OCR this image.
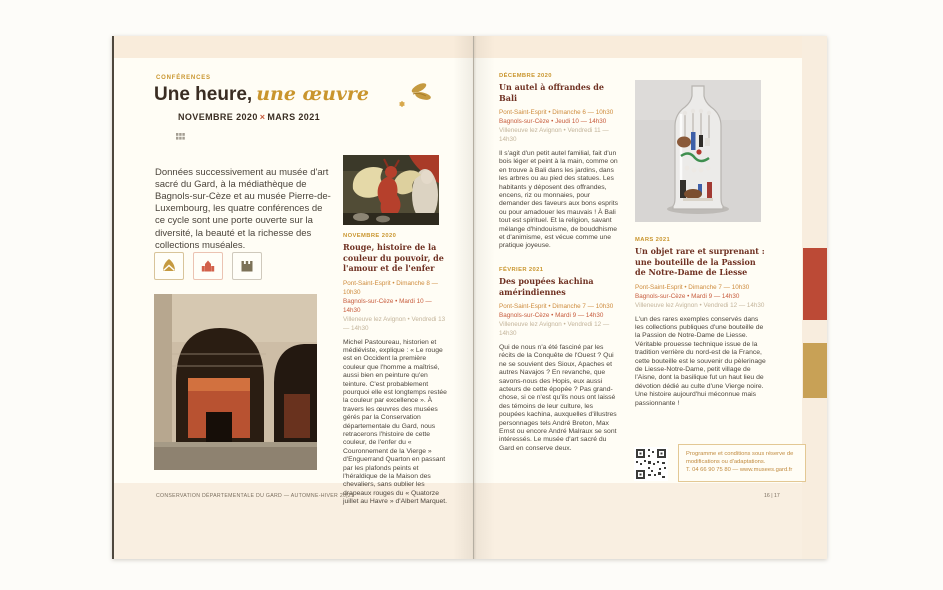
CONFÉRENCES
Une heure, une œuvre
NOVEMBRE 2020 × MARS 2021

Données successivement au musée d'art sacré du Gard, à la médiathèque de Bagnols-sur-Cèze et au musée Pierre-de-Luxembourg, les quatre conférences de ce cycle sont une porte ouverte sur la diversité, la beauté et la richesse des collections muséales.

NOVEMBRE 2020
Rouge, histoire de la couleur du pouvoir, de l'amour et de l'enfer
Pont-Saint-Esprit • Dimanche 8 — 10h30
Bagnols-sur-Cèze • Mardi 10 — 14h30
Villeneuve lez Avignon • Vendredi 13 — 14h30

Michel Pastoureau, historien et médiéviste, explique : « Le rouge est en Occident la première couleur que l'homme a maîtrisé, aussi bien en peinture qu'en teinture. C'est probablement pourquoi elle est longtemps restée la couleur par excellence ». À travers les œuvres des musées gérés par la Conservation départementale du Gard, nous retracerons l'histoire de cette couleur, de l'enfer du « Couronnement de la Vierge » d'Enguerrand Quarton en passant par les plafonds peints et l'héraldique de la Maison des chevaliers, sans oublier les drapeaux rouges du « Quatorze juillet au Havre » d'Albert Marquet.

DÉCEMBRE 2020
Un autel à offrandes de Bali
Pont-Saint-Esprit • Dimanche 6 — 10h30
Bagnols-sur-Cèze • Jeudi 10 — 14h30
Villeneuve lez Avignon • Vendredi 11 — 14h30

Il s'agit d'un petit autel familial, fait d'un bois léger et peint à la main, comme on en trouve à Bali dans les jardins, dans les arbres ou au pied des statues. Les habitants y déposent des offrandes, encens, riz ou monnaies, pour demander des faveurs aux bons esprits ou pour amadouer les mauvais ! À Bali tout est spirituel. Et la religion, savant mélange d'hindouisme, de bouddhisme et d'animisme, est vécue comme une pratique joyeuse.

FÉVRIER 2021
Des poupées kachina amérindiennes
Pont-Saint-Esprit • Dimanche 7 — 10h30
Bagnols-sur-Cèze • Mardi 9 — 14h30
Villeneuve lez Avignon • Vendredi 12 — 14h30

Qui de nous n'a été fasciné par les récits de la Conquête de l'Ouest ? Qui ne se souvient des Sioux, Apaches et autres Navajos ? En revanche, que savons-nous des Hopis, eux aussi acteurs de cette épopée ? Pas grand-chose, si ce n'est qu'ils nous ont laissé des témoins de leur culture, les poupées kachina, auxquelles d'illustres personnages tels André Breton, Max Ernst ou encore André Malraux se sont intéressés. Le musée d'art sacré du Gard en conserve deux.

MARS 2021
Un objet rare et surprenant : une bouteille de la Passion de Notre-Dame de Liesse
Pont-Saint-Esprit • Dimanche 7 — 10h30
Bagnols-sur-Cèze • Mardi 9 — 14h30
Villeneuve lez Avignon • Vendredi 12 — 14h30

L'un des rares exemples conservés dans les collections publiques d'une bouteille de la Passion de Notre-Dame de Liesse. Véritable prouesse technique issue de la tradition verrière du nord-est de la France, cette bouteille est le souvenir du pèlerinage de Liesse-Notre-Dame, petit village de l'Aisne, dont la basilique fut un haut lieu de dévotion dédié au culte d'une Vierge noire. Une histoire aujourd'hui méconnue mais passionnante !

Programme et conditions sous réserve de modifications ou d'adaptations.
T. 04 66 90 75 80 — www.musees.gard.fr
CONSERVATION DÉPARTEMENTALE DU GARD — AUTOMNE-HIVER 20|21	16 | 17
